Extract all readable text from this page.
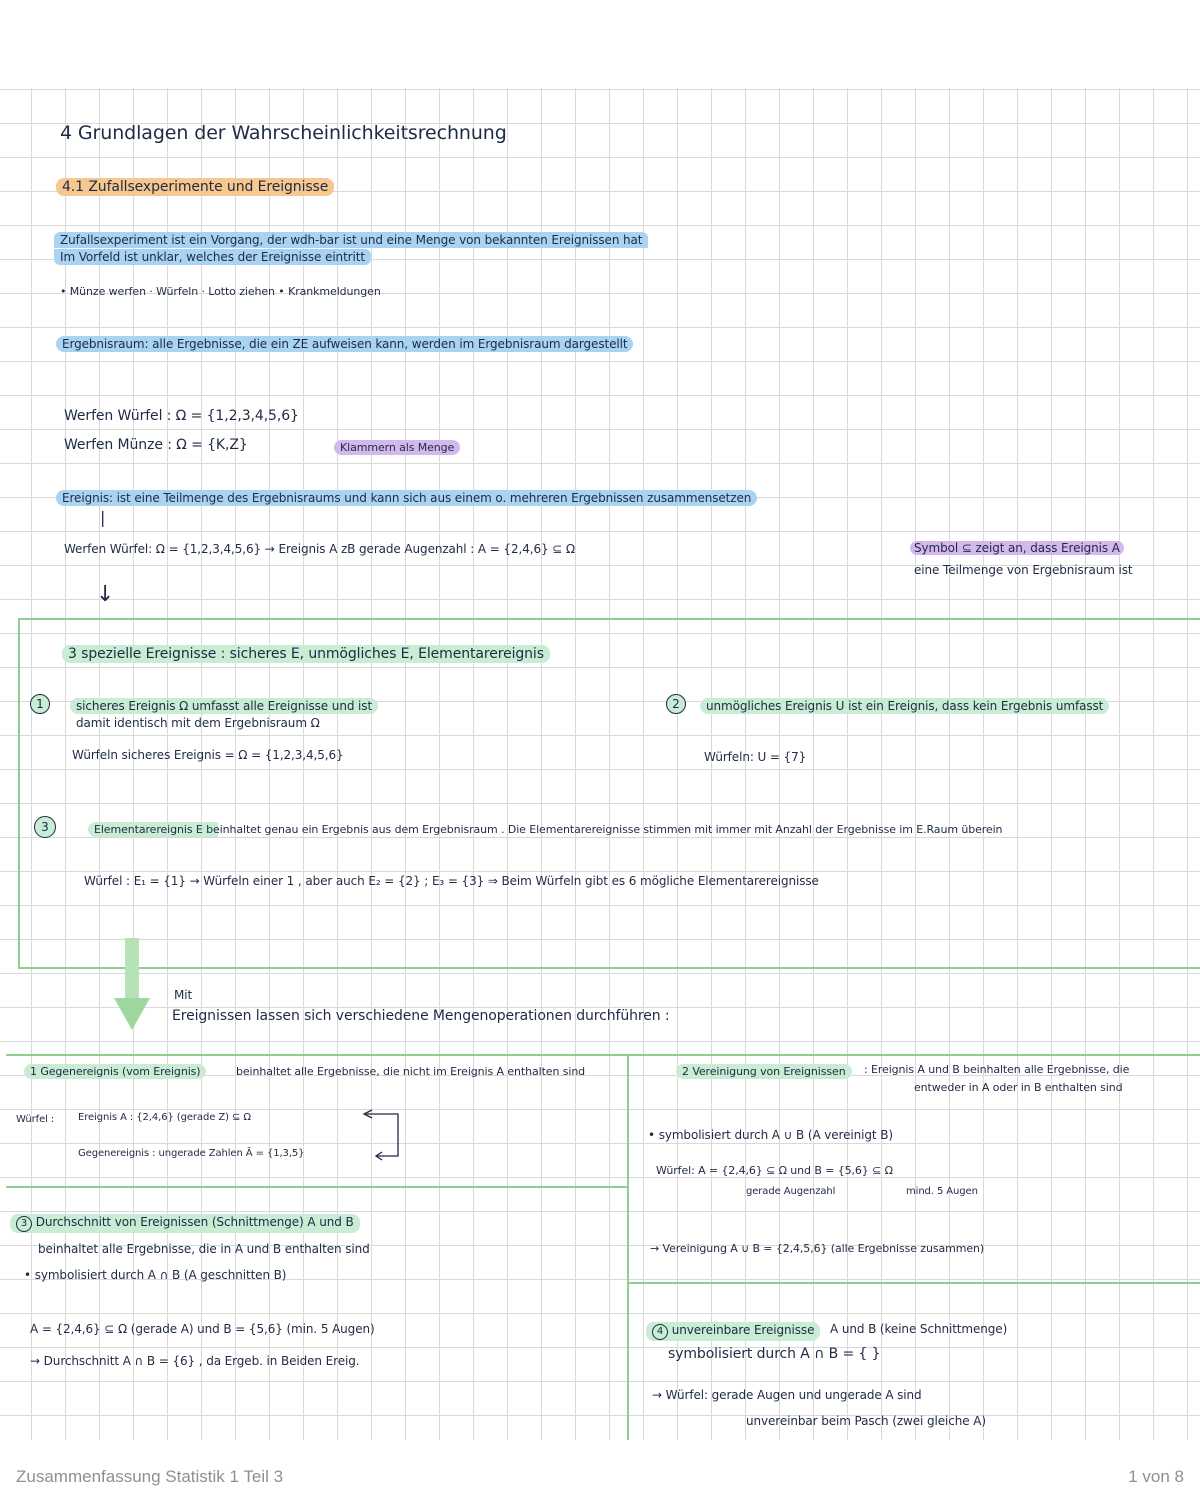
4 Grundlagen der Wahrscheinlichkeitsrechnung
4.1 Zufallsexperimente und Ereignisse
Zufallsexperiment ist ein Vorgang, der wdh-bar ist und eine Menge von bekannten Ereignissen hat
Im Vorfeld ist unklar, welches der Ereignisse eintritt
• Münze werfen · Würfeln · Lotto ziehen • Krankmeldungen
Ergebnisraum: alle Ergebnisse, die ein ZE aufweisen kann, werden im Ergebnisraum dargestellt
Werfen Würfel : Ω = {1,2,3,4,5,6}
Werfen Münze : Ω = {K,Z}	Klammern als Menge
Ereignis: ist eine Teilmenge des Ergebnisraums und kann sich aus einem o. mehreren Ergebnissen zusammensetzen
|
Werfen Würfel: Ω = {1,2,3,4,5,6} → Ereignis A zB gerade Augenzahl : A = {2,4,6} ⊆ Ω	Symbol ⊆ zeigt an, dass Ereignis A
eine Teilmenge von Ergebnisraum ist
↓
3 spezielle Ereignisse : sicheres E, unmögliches E, Elementarereignis
1	sicheres Ereignis Ω umfasst alle Ereignisse und ist
damit identisch mit dem Ergebnisraum Ω
Würfeln sicheres Ereignis = Ω = {1,2,3,4,5,6}
2	unmögliches Ereignis U ist ein Ereignis, dass kein Ergebnis umfasst
Würfeln: U = {7}
3	Elementarereignis E beinhaltet genau ein Ergebnis aus dem Ergebnisraum . Die Elementarereignisse stimmen mit immer mit Anzahl der Ergebnisse im E.Raum überein
Würfel : E₁ = {1} → Würfeln einer 1 , aber auch E₂ = {2} ; E₃ = {3} ⇒ Beim Würfeln gibt es 6 mögliche Elementarereignisse
Mit
Ereignissen lassen sich verschiedene Mengenoperationen durchführen :
1 Gegenereignis (vom Ereignis)	beinhaltet alle Ergebnisse, die nicht im Ereignis A enthalten sind
Würfel : Ereignis A : {2,4,6} (gerade Z) ⊆ Ω
Gegenereignis : ungerade Zahlen Ā = {1,3,5}
2 Vereinigung von Ereignissen	: Ereignis A und B beinhalten alle Ergebnisse, die
entweder in A oder in B enthalten sind
• symbolisiert durch A ∪ B (A vereinigt B)
Würfel: A = {2,4,6} ⊆ Ω und B = {5,6} ⊆ Ω
gerade Augenzahl	mind. 5 Augen
→ Vereinigung A ∪ B = {2,4,5,6} (alle Ergebnisse zusammen)
3 Durchschnitt von Ereignissen (Schnittmenge) A und B
beinhaltet alle Ergebnisse, die in A und B enthalten sind
• symbolisiert durch A ∩ B (A geschnitten B)
A = {2,4,6} ⊆ Ω (gerade A) und B = {5,6} (min. 5 Augen)
→ Durchschnitt A ∩ B = {6} , da Ergeb. in Beiden Ereig.
4 unvereinbare Ereignisse	A und B (keine Schnittmenge)
symbolisiert durch A ∩ B = { }
→ Würfel: gerade Augen und ungerade A sind
unvereinbar beim Pasch (zwei gleiche A)
Zusammenfassung Statistik 1 Teil 3	1 von 8
